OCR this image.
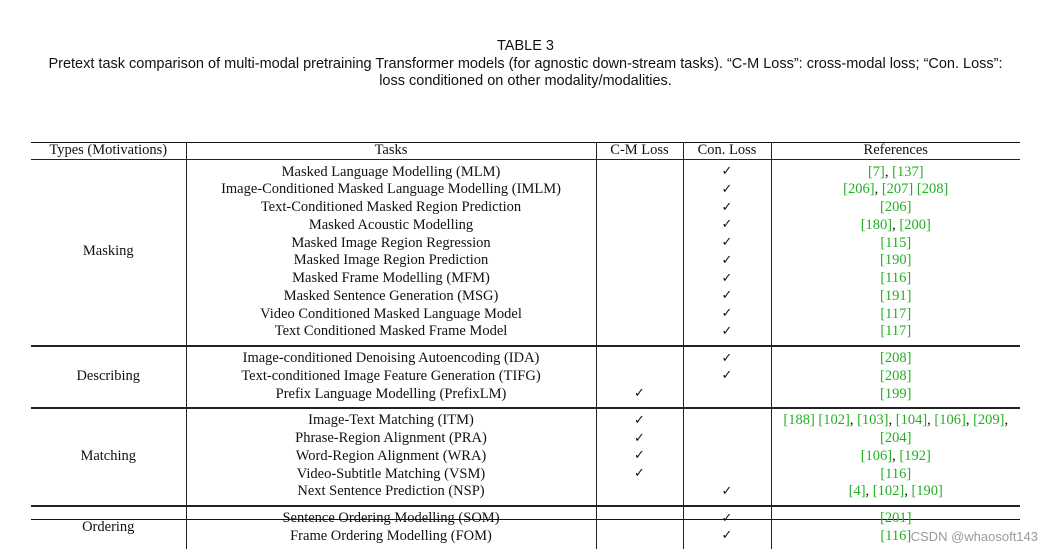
TABLE 3
Pretext task comparison of multi-modal pretraining Transformer models (for agnostic down-stream tasks). “C-M Loss”: cross-modal loss; “Con. Loss”: loss conditioned on other modality/modalities.
Types (Motivations)	Tasks	C-M Loss	Con. Loss	References
Masking	Masked Language Modelling (MLM)		✓	[7], [137]
	Image-Conditioned Masked Language Modelling (IMLM)		✓	[206], [207] [208]
	Text-Conditioned Masked Region Prediction		✓	[206]
	Masked Acoustic Modelling		✓	[180], [200]
	Masked Image Region Regression		✓	[115]
	Masked Image Region Prediction		✓	[190]
	Masked Frame Modelling (MFM)		✓	[116]
	Masked Sentence Generation (MSG)		✓	[191]
	Video Conditioned Masked Language Model		✓	[117]
	Text Conditioned Masked Frame Model		✓	[117]

Describing	Image-conditioned Denoising Autoencoding (IDA)		✓	[208]
	Text-conditioned Image Feature Generation (TIFG)		✓	[208]
	Prefix Language Modelling (PrefixLM)	✓		[199]

Matching	Image-Text Matching (ITM)	✓		[188] [102], [103], [104], [106], [209],
	Phrase-Region Alignment (PRA)	✓		[204]
	Word-Region Alignment (WRA)	✓		[106], [192]
	Video-Subtitle Matching (VSM)	✓		[116]
	Next Sentence Prediction (NSP)		✓	[4], [102], [190]

Ordering	Sentence Ordering Modelling (SOM)		✓	[201]
	Frame Ordering Modelling (FOM)		✓	[116]
				CSDN @whaosoft143
